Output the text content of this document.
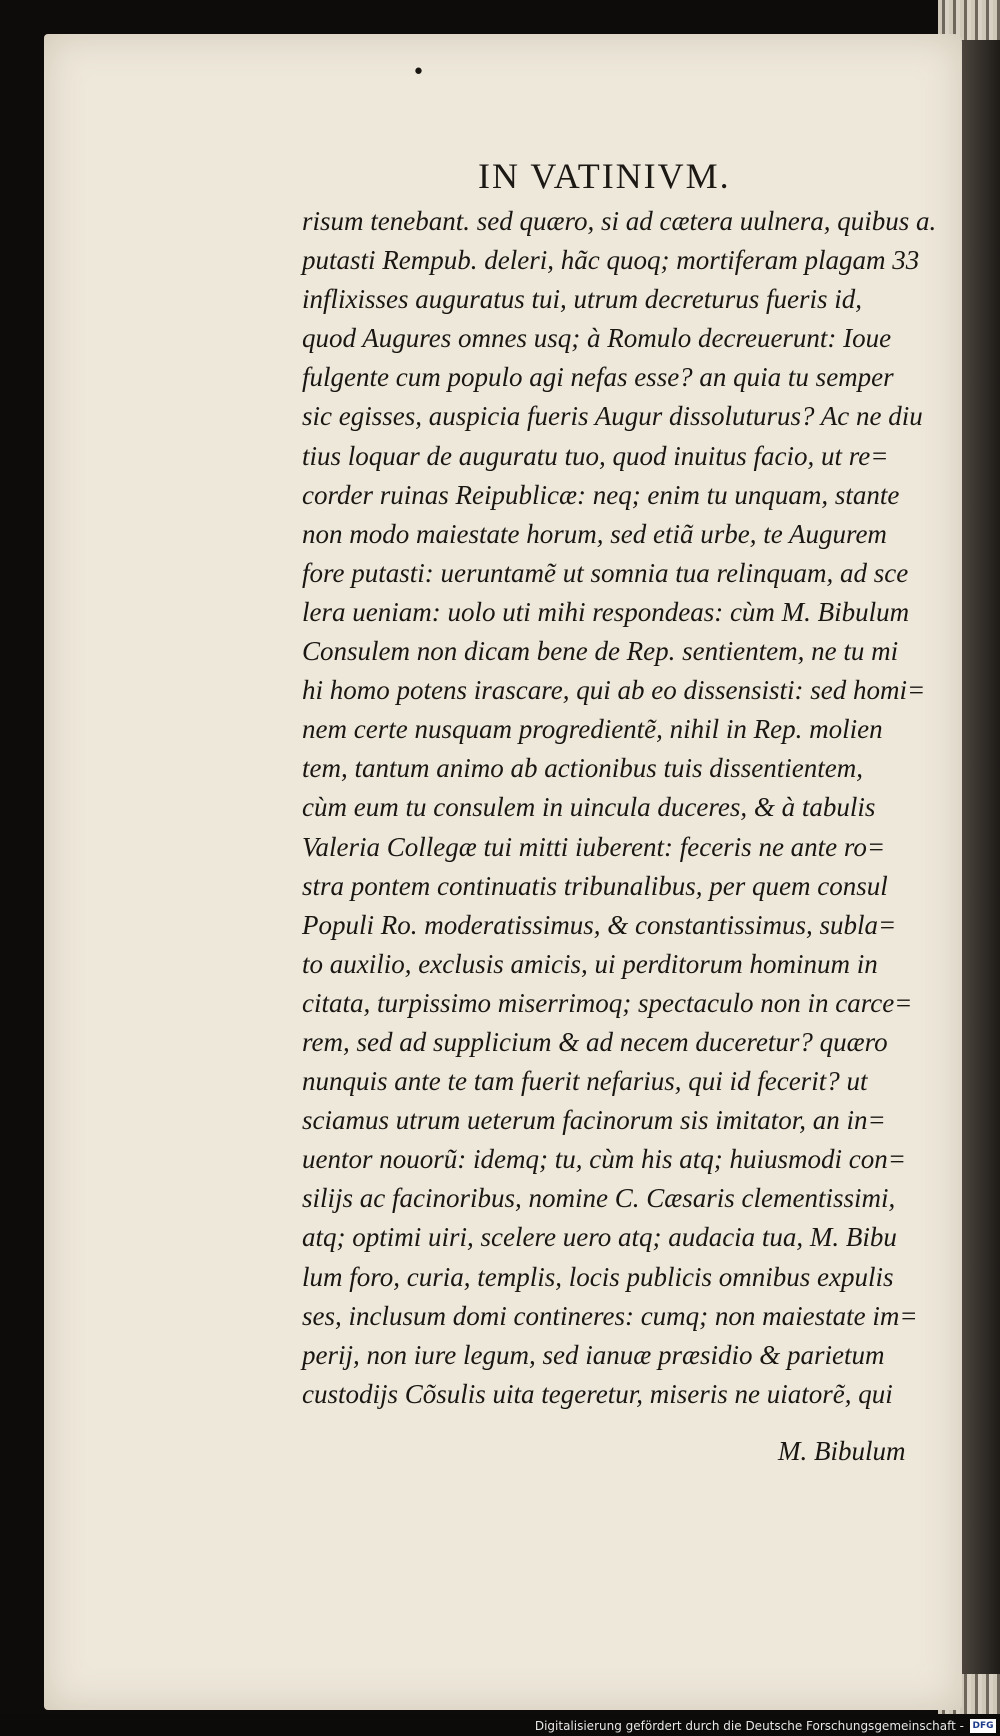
•
IN VATINIVM.
risum tenebant. sed quæro, si ad cætera uulnera, quibus a.
putasti Rempub. deleri, hãc quoq; mortiferam plagam 33
inflixisses auguratus tui, utrum decreturus fueris id,
quod Augures omnes usq; à Romulo decreuerunt: Ioue
fulgente cum populo agi nefas esse? an quia tu semper
sic egisses, auspicia fueris Augur dissoluturus? Ac ne diu
tius loquar de auguratu tuo, quod inuitus facio, ut re=
corder ruinas Reipublicæ: neq; enim tu unquam, stante
non modo maiestate horum, sed etiã urbe, te Augurem
fore putasti: ueruntamẽ ut somnia tua relinquam, ad sce
lera ueniam: uolo uti mihi respondeas: cùm M. Bibulum
Consulem non dicam bene de Rep. sentientem, ne tu mi
hi homo potens irascare, qui ab eo dissensisti: sed homi=
nem certe nusquam progredientẽ, nihil in Rep. molien
tem, tantum animo ab actionibus tuis dissentientem,
cùm eum tu consulem in uincula duceres, & à tabulis
Valeria Collegæ tui mitti iuberent: feceris ne ante ro=
stra pontem continuatis tribunalibus, per quem consul
Populi Ro. moderatissimus, & constantissimus, subla=
to auxilio, exclusis amicis, ui perditorum hominum in
citata, turpissimo miserrimoq; spectaculo non in carce=
rem, sed ad supplicium & ad necem duceretur? quæro
nunquis ante te tam fuerit nefarius, qui id fecerit? ut
sciamus utrum ueterum facinorum sis imitator, an in=
uentor nouorũ: idemq; tu, cùm his atq; huiusmodi con=
silijs ac facinoribus, nomine C. Cæsaris clementissimi,
atq; optimi uiri, scelere uero atq; audacia tua, M. Bibu
lum foro, curia, templis, locis publicis omnibus expulis
ses, inclusum domi contineres: cumq; non maiestate im=
perij, non iure legum, sed ianuæ præsidio & parietum
custodijs Cõsulis uita tegeretur, miseris ne uiatorẽ, qui
M. Bibulum
Digitalisierung gefördert durch die Deutsche Forschungsgemeinschaft - DFG
